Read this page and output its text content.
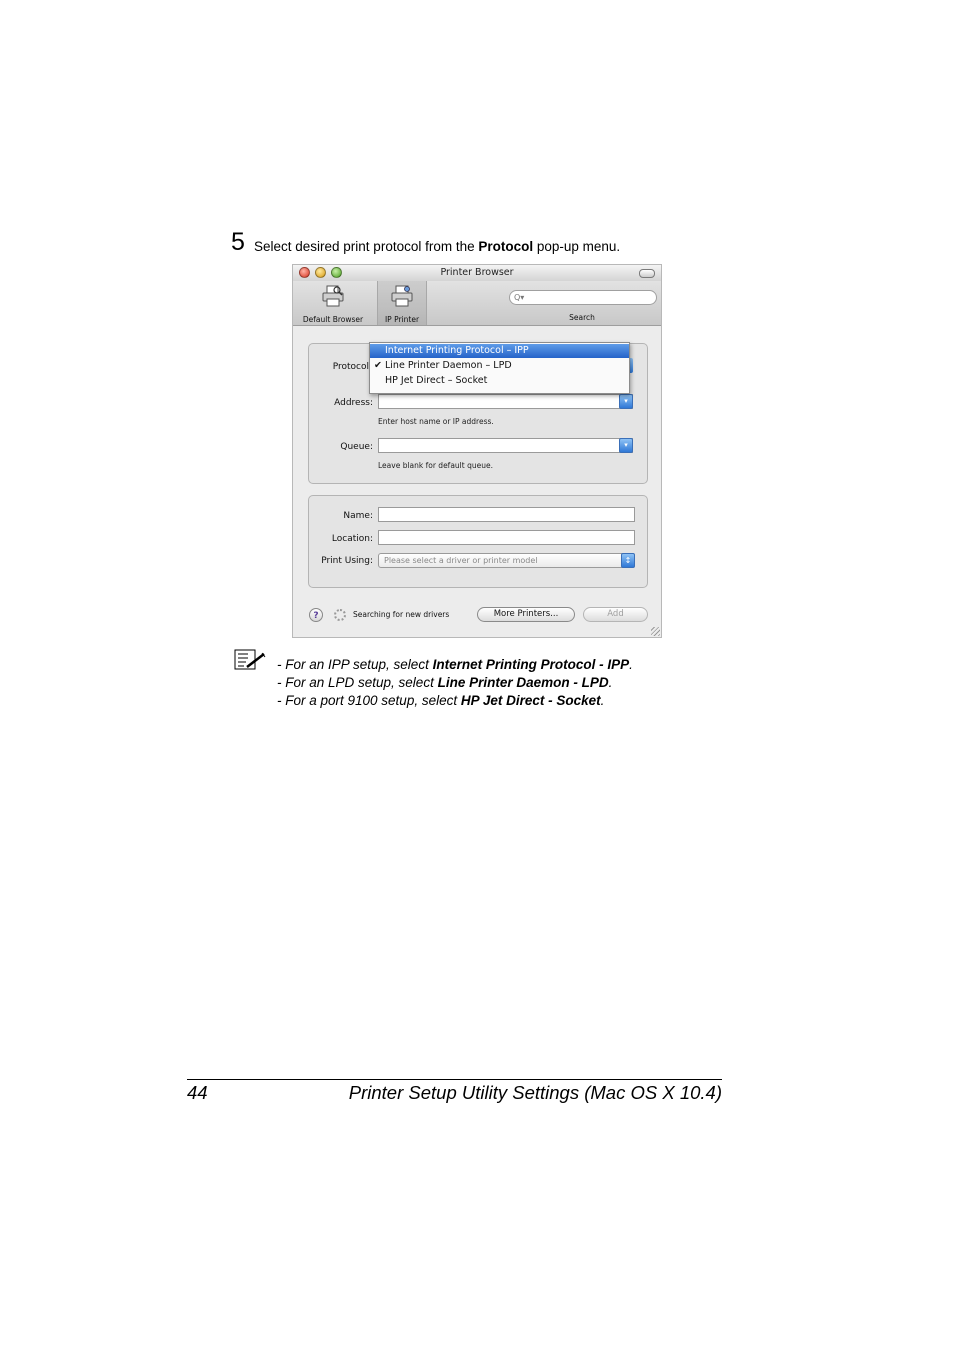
5 Select desired print protocol from the Protocol pop-up menu.
Printer Browser
Default Browser	IP Printer
Q▾
Search
Protocol
Address:	▾
Enter host name or IP address.
Queue:	▾
Leave blank for default queue.
Internet Printing Protocol – IPP
✔ Line Printer Daemon – LPD
HP Jet Direct – Socket
Name:
Location:
Print Using:	Please select a driver or printer model	↕
?	Searching for new drivers	More Printers...	Add
- For an IPP setup, select Internet Printing Protocol - IPP.
- For an LPD setup, select Line Printer Daemon - LPD.
- For a port 9100 setup, select HP Jet Direct - Socket.
44	Printer Setup Utility Settings (Mac OS X 10.4)
